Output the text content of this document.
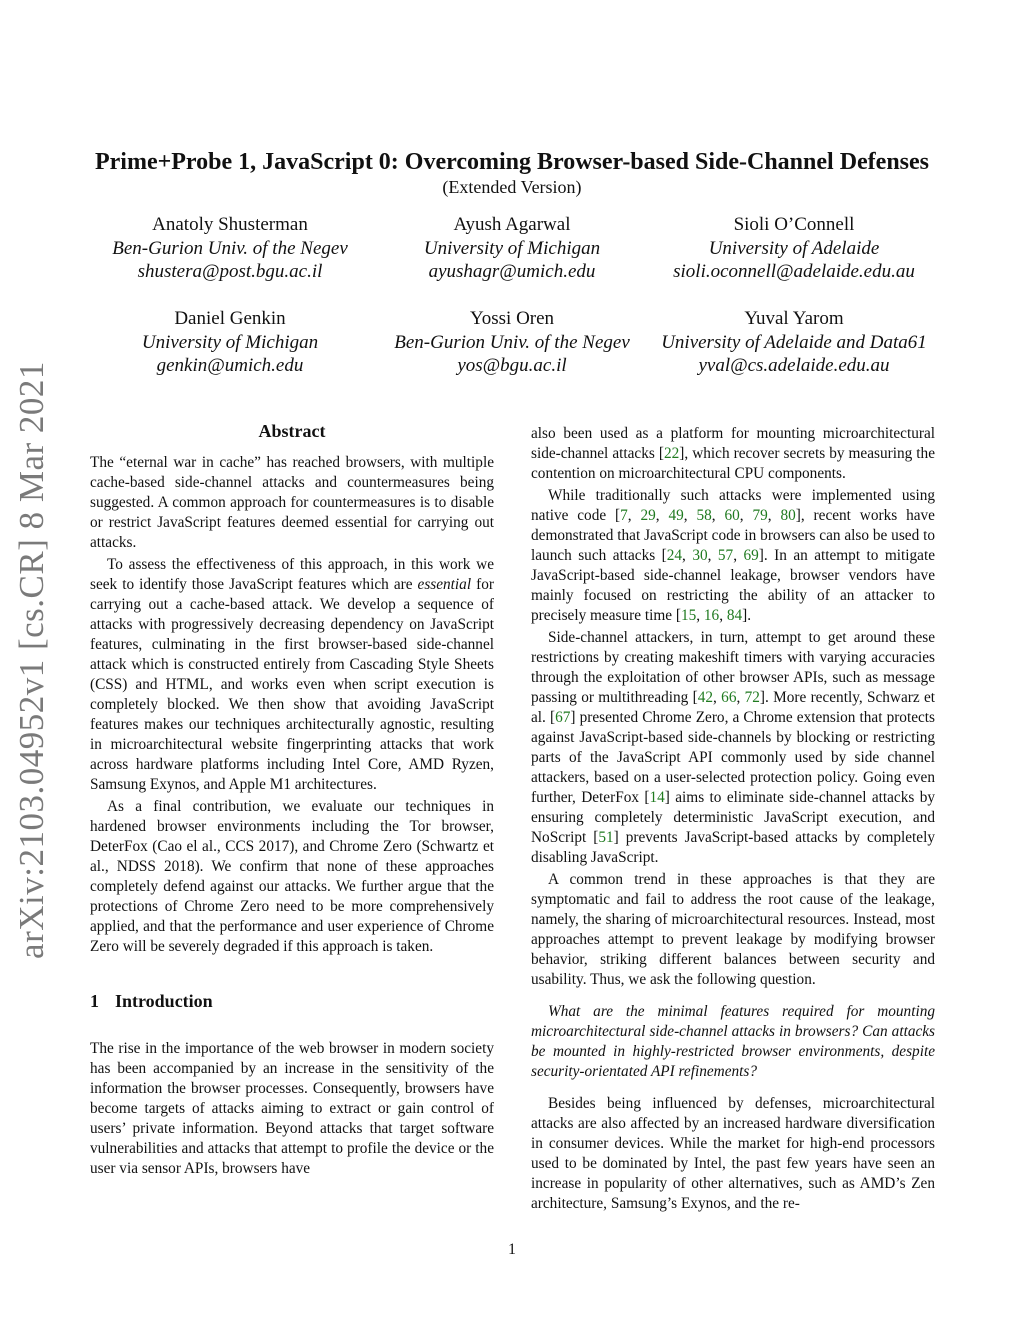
arXiv:2103.04952v1 [cs.CR] 8 Mar 2021
Prime+Probe 1, JavaScript 0: Overcoming Browser-based Side-Channel Defenses
(Extended Version)
Anatoly Shusterman
Ben-Gurion Univ. of the Negev
shustera@post.bgu.ac.il
Ayush Agarwal
University of Michigan
ayushagr@umich.edu
Sioli O’Connell
University of Adelaide
sioli.oconnell@adelaide.edu.au
Daniel Genkin
University of Michigan
genkin@umich.edu
Yossi Oren
Ben-Gurion Univ. of the Negev
yos@bgu.ac.il
Yuval Yarom
University of Adelaide and Data61
yval@cs.adelaide.edu.au
Abstract

The “eternal war in cache” has reached browsers, with multiple cache-based side-channel attacks and countermeasures being suggested. A common approach for countermeasures is to disable or restrict JavaScript features deemed essential for carrying out attacks.

To assess the effectiveness of this approach, in this work we seek to identify those JavaScript features which are essential for carrying out a cache-based attack. We develop a sequence of attacks with progressively decreasing dependency on JavaScript features, culminating in the first browser-based side-channel attack which is constructed entirely from Cascading Style Sheets (CSS) and HTML, and works even when script execution is completely blocked. We then show that avoiding JavaScript features makes our techniques architecturally agnostic, resulting in microarchitectural website fingerprinting attacks that work across hardware platforms including Intel Core, AMD Ryzen, Samsung Exynos, and Apple M1 architectures.

As a final contribution, we evaluate our techniques in hardened browser environments including the Tor browser, DeterFox (Cao el al., CCS 2017), and Chrome Zero (Schwartz et al., NDSS 2018). We confirm that none of these approaches completely defend against our attacks. We further argue that the protections of Chrome Zero need to be more comprehensively applied, and that the performance and user experience of Chrome Zero will be severely degraded if this approach is taken.

1 Introduction

The rise in the importance of the web browser in modern society has been accompanied by an increase in the sensitivity of the information the browser processes. Consequently, browsers have become targets of attacks aiming to extract or gain control of users’ private information. Beyond attacks that target software vulnerabilities and attacks that attempt to profile the device or the user via sensor APIs, browsers have

also been used as a platform for mounting microarchitectural side-channel attacks [22], which recover secrets by measuring the contention on microarchitectural CPU components.

While traditionally such attacks were implemented using native code [7, 29, 49, 58, 60, 79, 80], recent works have demonstrated that JavaScript code in browsers can also be used to launch such attacks [24, 30, 57, 69]. In an attempt to mitigate JavaScript-based side-channel leakage, browser vendors have mainly focused on restricting the ability of an attacker to precisely measure time [15, 16, 84].

Side-channel attackers, in turn, attempt to get around these restrictions by creating makeshift timers with varying accuracies through the exploitation of other browser APIs, such as message passing or multithreading [42, 66, 72]. More recently, Schwarz et al. [67] presented Chrome Zero, a Chrome extension that protects against JavaScript-based side-channels by blocking or restricting parts of the JavaScript API commonly used by side channel attackers, based on a user-selected protection policy. Going even further, DeterFox [14] aims to eliminate side-channel attacks by ensuring completely deterministic JavaScript execution, and NoScript [51] prevents JavaScript-based attacks by completely disabling JavaScript.

A common trend in these approaches is that they are symptomatic and fail to address the root cause of the leakage, namely, the sharing of microarchitectural resources. Instead, most approaches attempt to prevent leakage by modifying browser behavior, striking different balances between security and usability. Thus, we ask the following question.

What are the minimal features required for mounting microarchitectural side-channel attacks in browsers? Can attacks be mounted in highly-restricted browser environments, despite security-orientated API refinements?

Besides being influenced by defenses, microarchitectural attacks are also affected by an increased hardware diversification in consumer devices. While the market for high-end processors used to be dominated by Intel, the past few years have seen an increase in popularity of other alternatives, such as AMD’s Zen architecture, Samsung’s Exynos, and the re-

1
